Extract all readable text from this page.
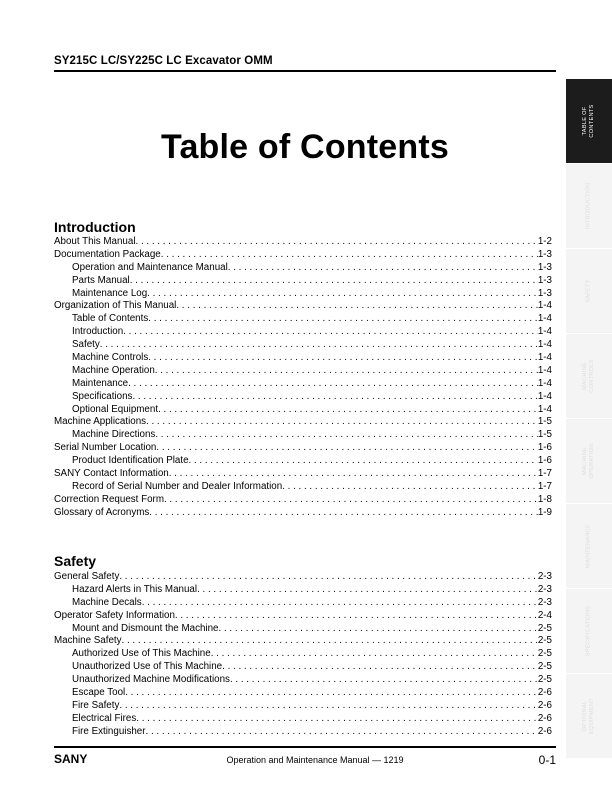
SY215C LC/SY225C LC Excavator OMM
Table of Contents
Introduction
About This Manual . . .	1-2
Documentation Package . . .	1-3
Operation and Maintenance Manual . . .	1-3
Parts Manual . . .	1-3
Maintenance Log . . .	1-3
Organization of This Manual . . .	1-4
Table of Contents . . .	1-4
Introduction . . .	1-4
Safety . . .	1-4
Machine Controls . . .	1-4
Machine Operation . . .	1-4
Maintenance . . .	1-4
Specifications . . .	1-4
Optional Equipment . . .	1-4
Machine Applications . . .	1-5
Machine Directions . . .	1-5
Serial Number Location . . .	1-6
Product Identification Plate . . .	1-6
SANY Contact Information . . .	1-7
Record of Serial Number and Dealer Information . . .	1-7
Correction Request Form . . .	1-8
Glossary of Acronyms . . .	1-9
Safety
General Safety . . .	2-3
Hazard Alerts in This Manual . . .	2-3
Machine Decals . . .	2-3
Operator Safety Information . . .	2-4
Mount and Dismount the Machine . . .	2-5
Machine Safety . . .	2-5
Authorized Use of This Machine . . .	2-5
Unauthorized Use of This Machine . . .	2-5
Unauthorized Machine Modifications . . .	2-5
Escape Tool . . .	2-6
Fire Safety . . .	2-6
Electrical Fires . . .	2-6
Fire Extinguisher . . .	2-6
SANY	Operation and Maintenance Manual — 1219	0-1
TABLE OF
CONTENTS
INTRODUCTION
SAFETY
MACHINE
CONTROLS
MACHINE
OPERATION
MAINTENANCE
SPECIFICATIONS
OPTIONAL
EQUIPMENT
